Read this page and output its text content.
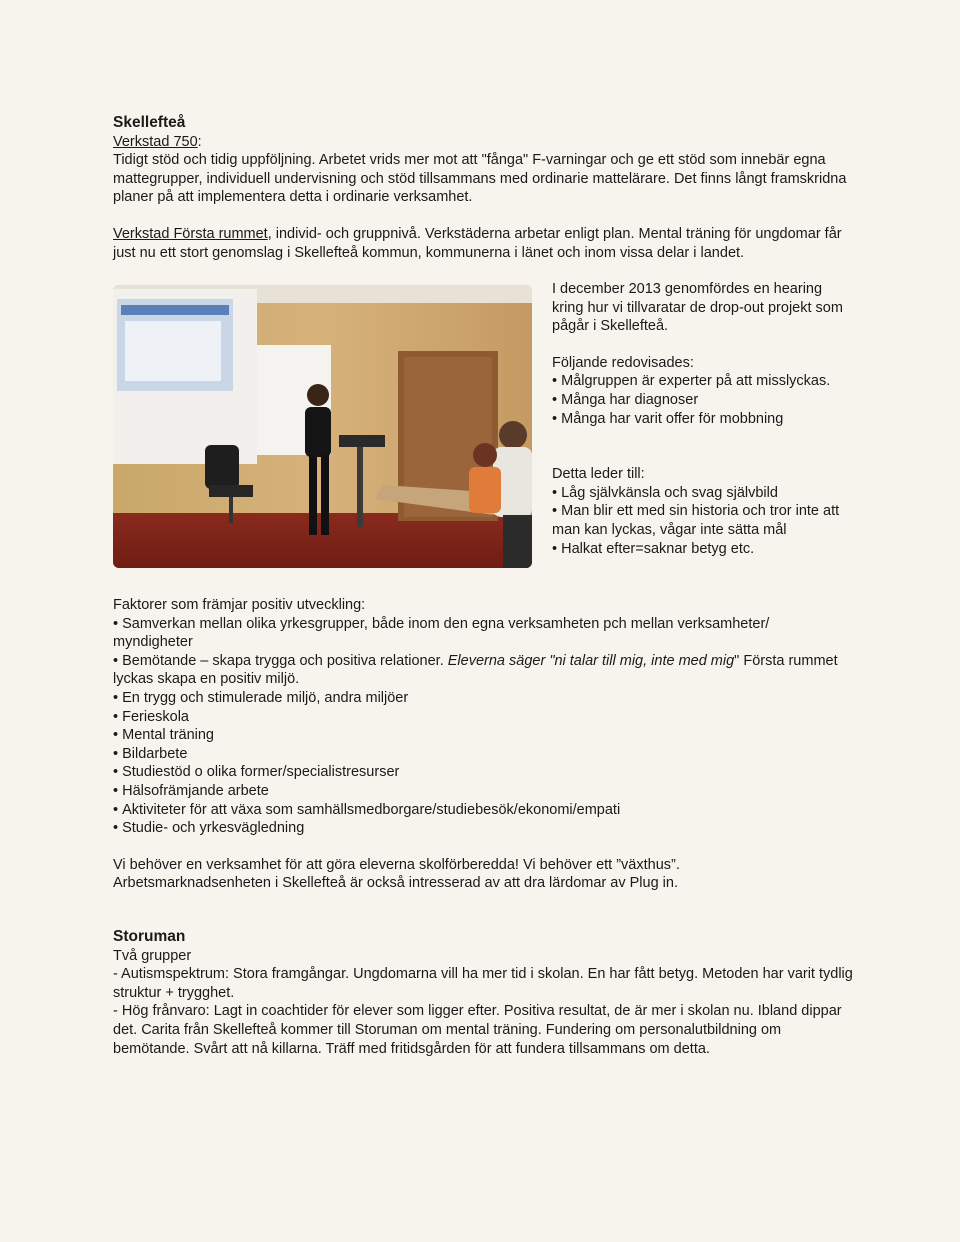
Skellefteå
Verkstad 750:

Tidigt stöd och tidig uppföljning. Arbetet vrids mer mot att "fånga" F-varningar och ge ett stöd som innebär egna mattegrupper, individuell undervisning och stöd tillsammans med ordinarie mattelärare. Det finns långt framskridna planer på att implementera detta i ordinarie verksamhet.

Verkstad Första rummet, individ- och gruppnivå. Verkstäderna arbetar enligt plan. Mental träning för ungdomar får just nu ett stort genomslag i Skellefteå kommun, kommunerna i länet och inom vissa delar i landet.

I december 2013 genomfördes en hearing kring hur vi tillvaratar de drop-out projekt som pågår i Skellefteå.

Följande redovisades:
• Målgruppen är experter på att misslyckas.
• Många har diagnoser
• Många har varit offer för mobbning
Detta leder till:
• Låg självkänsla och svag självbild
• Man blir ett med sin historia och tror inte att man kan lyckas, vågar inte sätta mål
• Halkat efter=saknar betyg etc.
Faktorer som främjar positiv utveckling:
• Samverkan mellan olika yrkesgrupper, både inom den egna verksamheten pch mellan verksamheter/ myndigheter
• Bemötande – skapa trygga och positiva relationer. Eleverna säger "ni talar till mig, inte med mig" Första rummet lyckas skapa en positiv miljö.
• En trygg och stimulerade miljö, andra miljöer
• Ferieskola
• Mental träning
• Bildarbete
• Studiestöd o olika former/specialistresurser
• Hälsofrämjande arbete
• Aktiviteter för att växa som samhällsmedborgare/studiebesök/ekonomi/empati
• Studie- och yrkesvägledning
Vi behöver en verksamhet för att göra eleverna skolförberedda! Vi behöver ett ”växthus”.
Arbetsmarknadsenheten i Skellefteå är också intresserad av att dra lärdomar av Plug in.
Storuman
Två grupper
- Autismspektrum: Stora framgångar. Ungdomarna vill ha mer tid i skolan. En har fått betyg. Metoden har varit tydlig struktur + trygghet.
- Hög frånvaro: Lagt in coachtider för elever som ligger efter. Positiva resultat, de är mer i skolan nu. Ibland dippar det. Carita från Skellefteå kommer till Storuman om mental träning. Fundering om personalutbildning om bemötande. Svårt att nå killarna. Träff med fritidsgården för att fundera tillsammans om detta.
